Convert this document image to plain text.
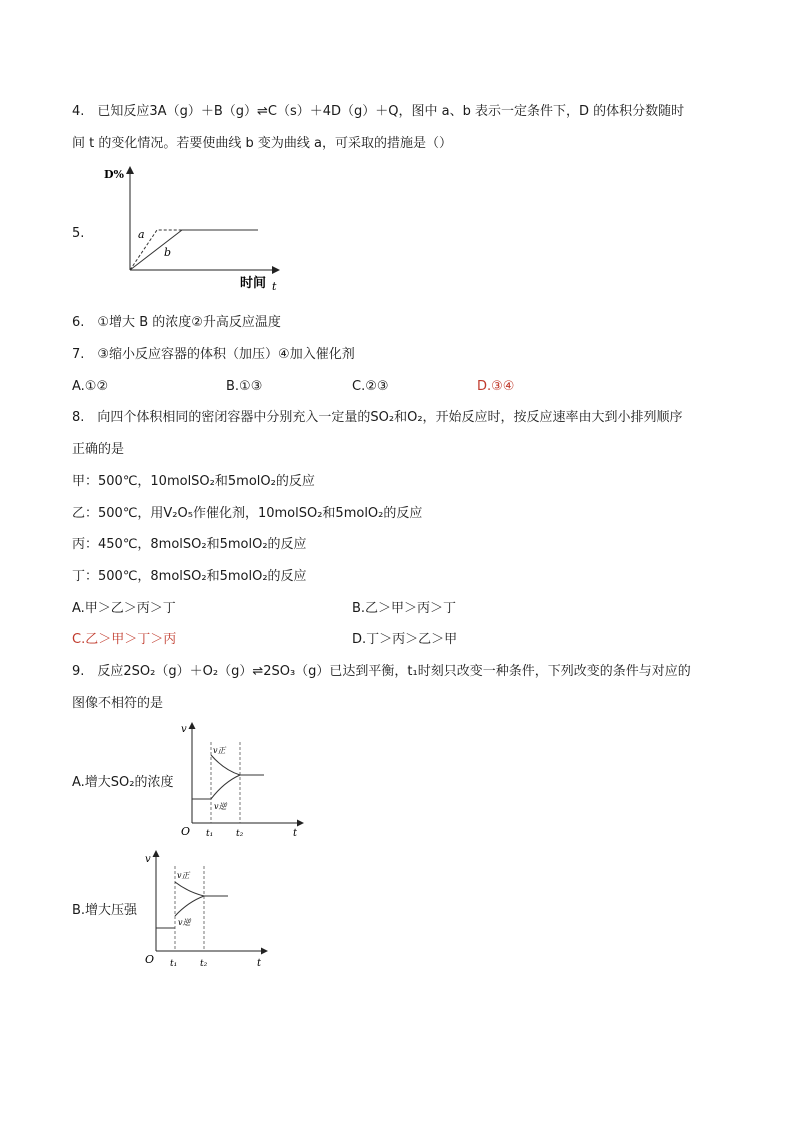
4.　已知反应3A（g）＋B（g）⇌C（s）＋4D（g）＋Q，图中 a、b 表示一定条件下，D 的体积分数随时
间 t 的变化情况。若要使曲线 b 变为曲线 a，可采取的措施是（）
D%
a
b
时间 t
5.
6.　①增大 B 的浓度②升高反应温度
7.　③缩小反应容器的体积（加压）④加入催化剂
A.①②	B.①③	C.②③	D.③④
8.　向四个体积相同的密闭容器中分别充入一定量的SO₂和O₂，开始反应时，按反应速率由大到小排列顺序
正确的是
甲：500℃，10molSO₂和5molO₂的反应
乙：500℃，用V₂O₅作催化剂，10molSO₂和5molO₂的反应
丙：450℃，8molSO₂和5molO₂的反应
丁：500℃，8molSO₂和5molO₂的反应
A.甲＞乙＞丙＞丁	B.乙＞甲＞丙＞丁
C.乙＞甲＞丁＞丙	D.丁＞丙＞乙＞甲
9.　反应2SO₂（g）＋O₂（g）⇌2SO₃（g）已达到平衡，t₁时刻只改变一种条件，下列改变的条件与对应的
图像不相符的是
A.增大SO₂的浓度
v
v正
v逆
O t₁	t₂	t
B.增大压强
v
v正
v逆
O t₁	t₂	t
